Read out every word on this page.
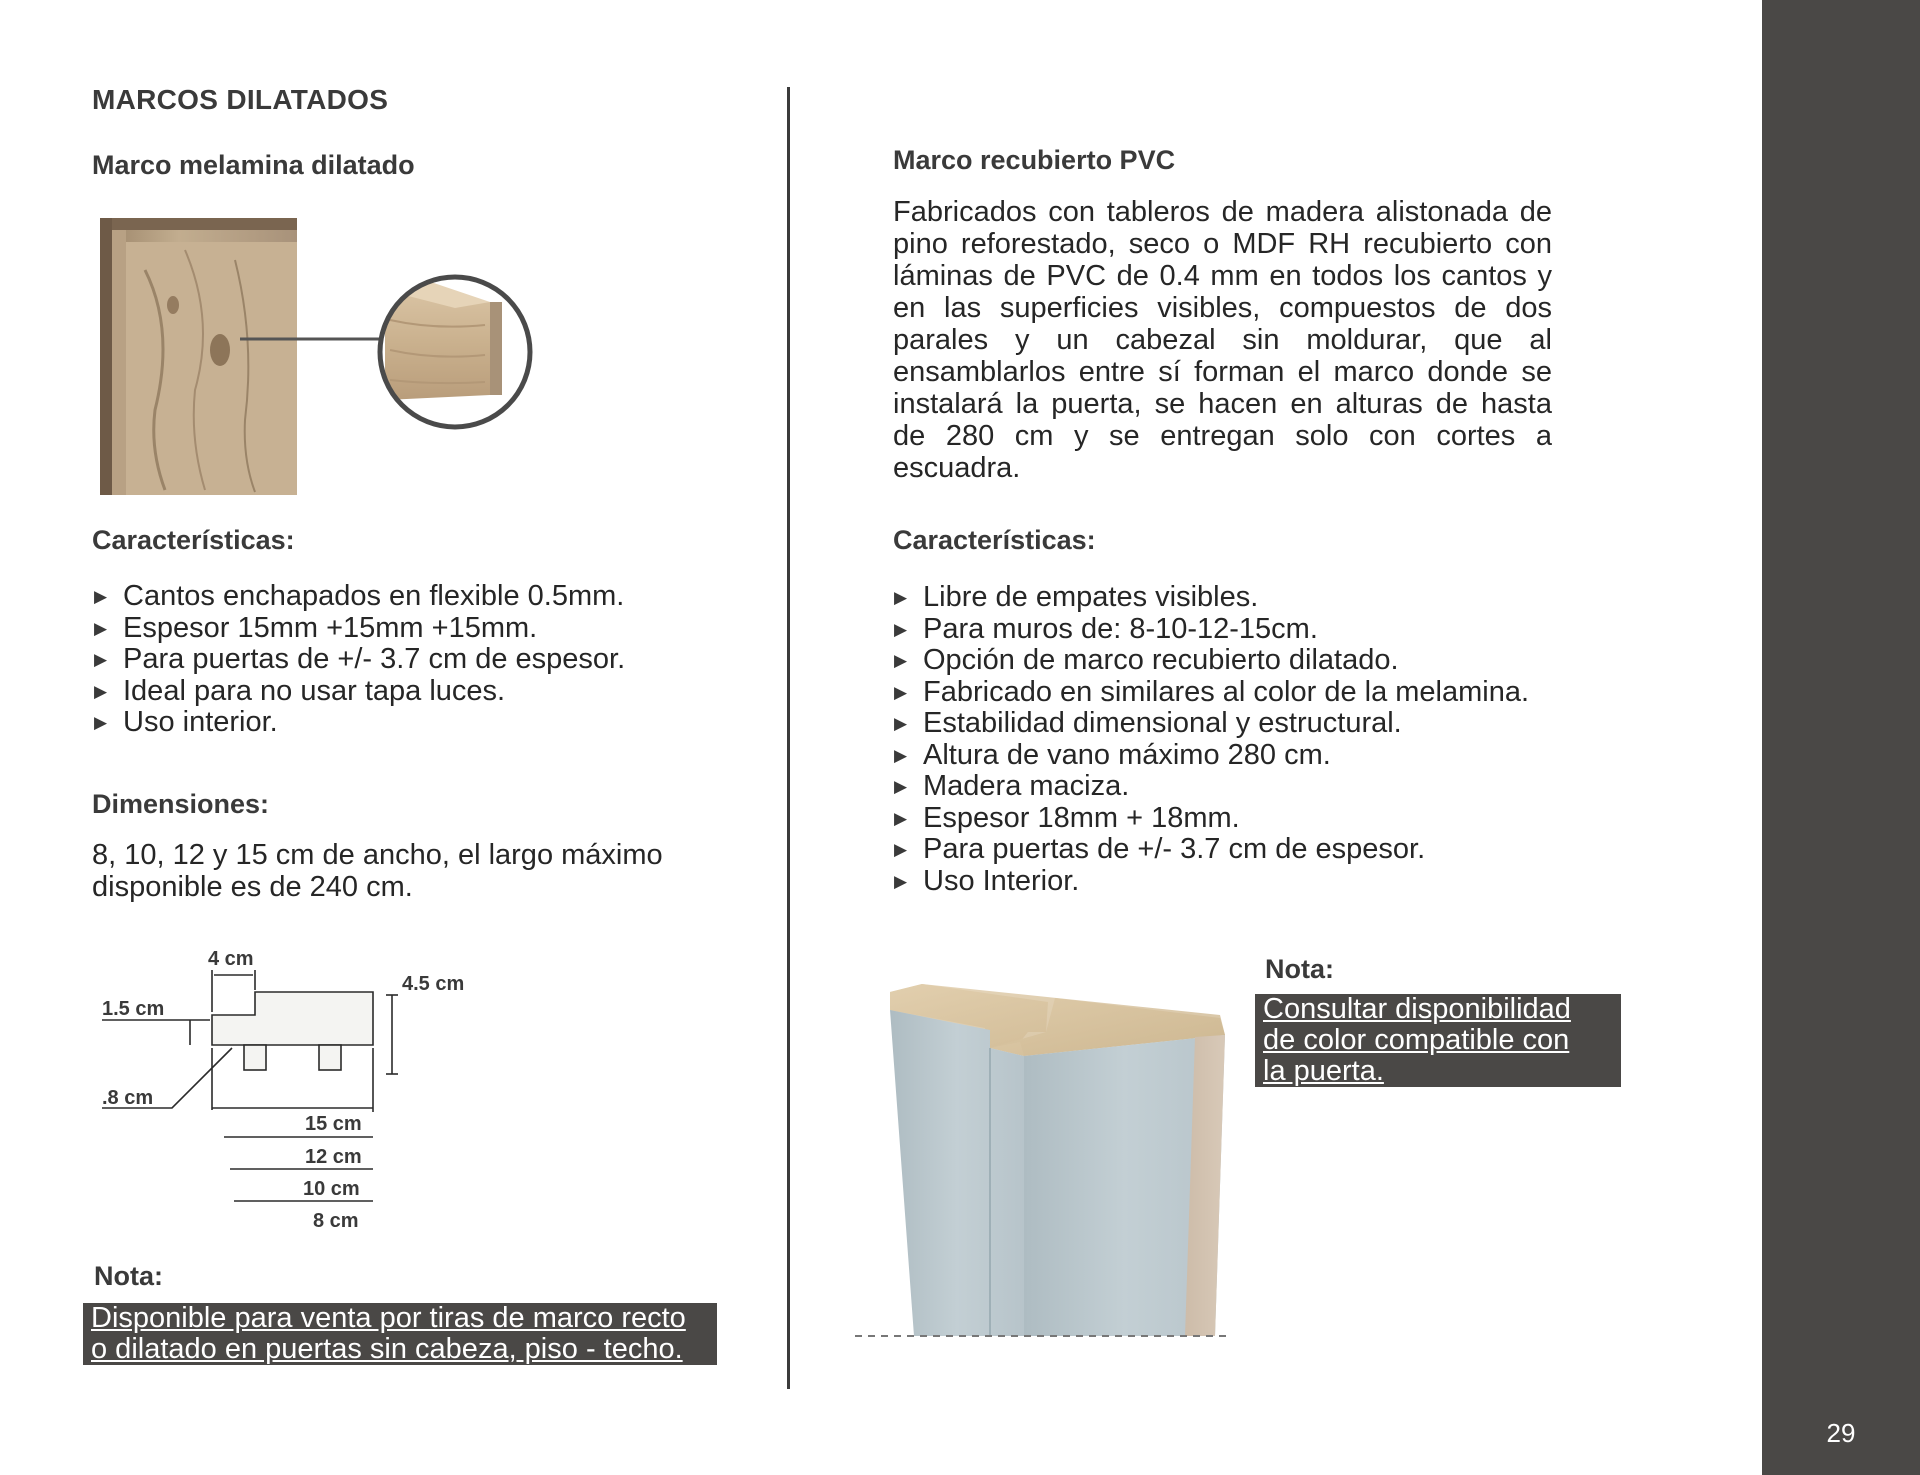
29
MARCOS DILATADOS
Marco melamina dilatado
Características:
▶ Cantos enchapados en flexible 0.5mm.
▶ Espesor 15mm +15mm +15mm.
▶ Para puertas de +/- 3.7 cm de espesor.
▶ Ideal para no usar tapa luces.
▶ Uso interior.
Dimensiones:
8, 10, 12 y 15 cm de ancho, el largo máximo disponible es de 240 cm.
4 cm
4.5 cm
1.5 cm
.8 cm
15 cm
12 cm
10 cm
8 cm
Nota:
Disponible para venta por tiras de marco recto
o dilatado en puertas sin cabeza, piso - techo.
Marco recubierto PVC
Fabricados con tableros de madera alistonada de pino reforestado, seco o MDF RH recubierto con láminas de PVC de 0.4 mm en todos los cantos y en las superficies visibles, compuestos de dos parales y un cabezal sin moldurar, que al ensamblarlos entre sí forman el marco donde se instalará la puerta, se hacen en alturas de hasta de 280 cm y se entregan solo con cortes a escuadra.
Características:
▶ Libre de empates visibles.
▶ Para muros de: 8-10-12-15cm.
▶ Opción de marco recubierto dilatado.
▶ Fabricado en similares al color de la melamina.
▶ Estabilidad dimensional y estructural.
▶ Altura de vano máximo 280 cm.
▶ Madera maciza.
▶ Espesor 18mm + 18mm.
▶ Para puertas de +/- 3.7 cm de espesor.
▶ Uso Interior.
Nota:
Consultar disponibilidad
de color compatible con
la puerta.
